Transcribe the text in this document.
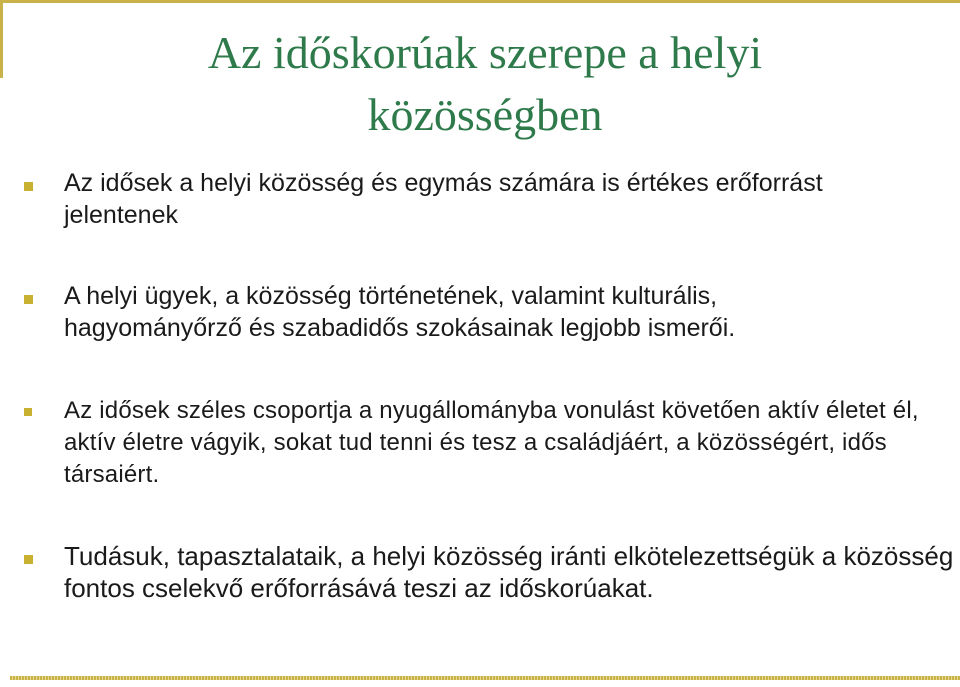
Az időskorúak szerepe a helyi közösségben

Az idősek a helyi közösség és egymás számára is értékes erőforrást jelentenek

A helyi ügyek, a közösség történetének, valamint kulturális, hagyományőrző és szabadidős szokásainak legjobb ismerői.

Az idősek széles csoportja a nyugállományba vonulást követően aktív életet él, aktív életre vágyik, sokat tud tenni és tesz a családjáért, a közösségért, idős társaiért.

Tudásuk, tapasztalataik, a helyi közösség iránti elkötelezettségük a közösség fontos cselekvő erőforrásává teszi az időskorúakat.
